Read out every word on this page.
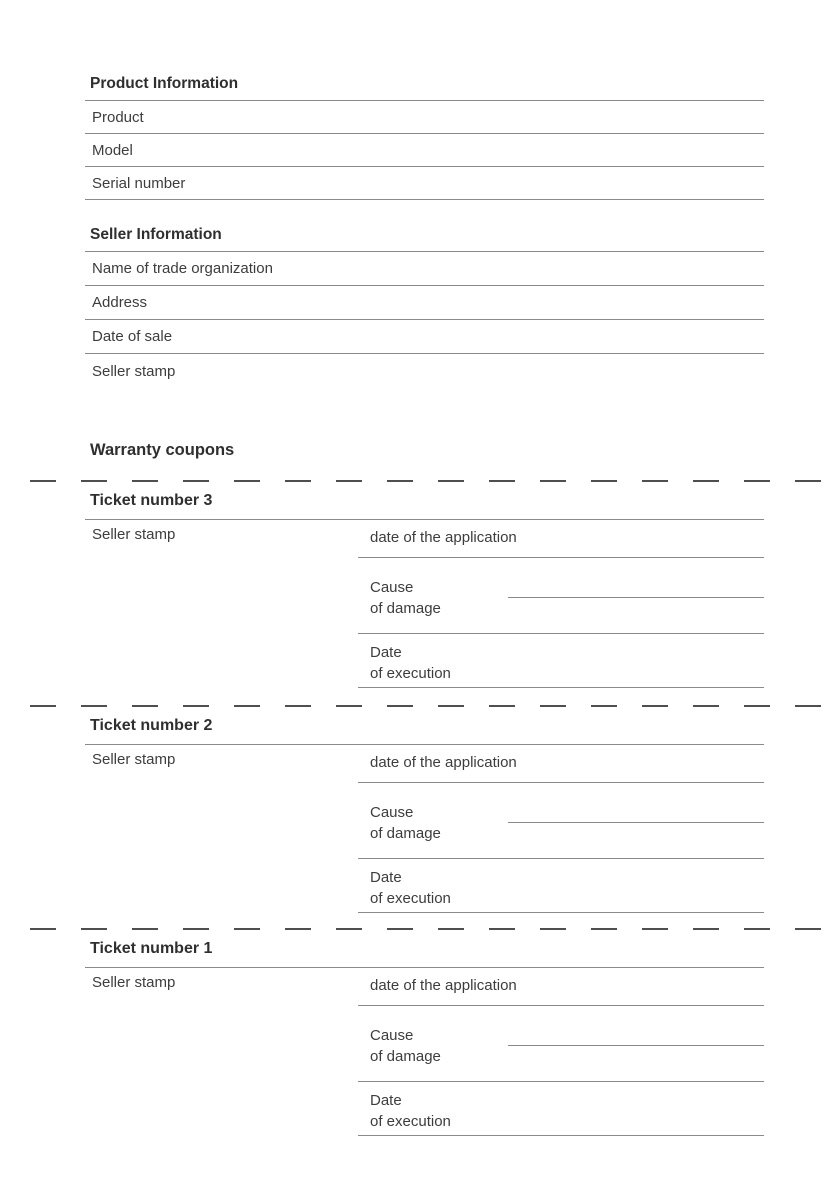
Product Information
Product
Model
Serial number
Seller Information
Name of trade organization
Address
Date of sale
Seller stamp
Warranty coupons
Ticket number 3
Seller stamp	date of the application
Cause
of damage
Date
of execution
Ticket number 2
Seller stamp	date of the application
Cause
of damage
Date
of execution
Ticket number 1
Seller stamp	date of the application
Cause
of damage
Date
of execution
